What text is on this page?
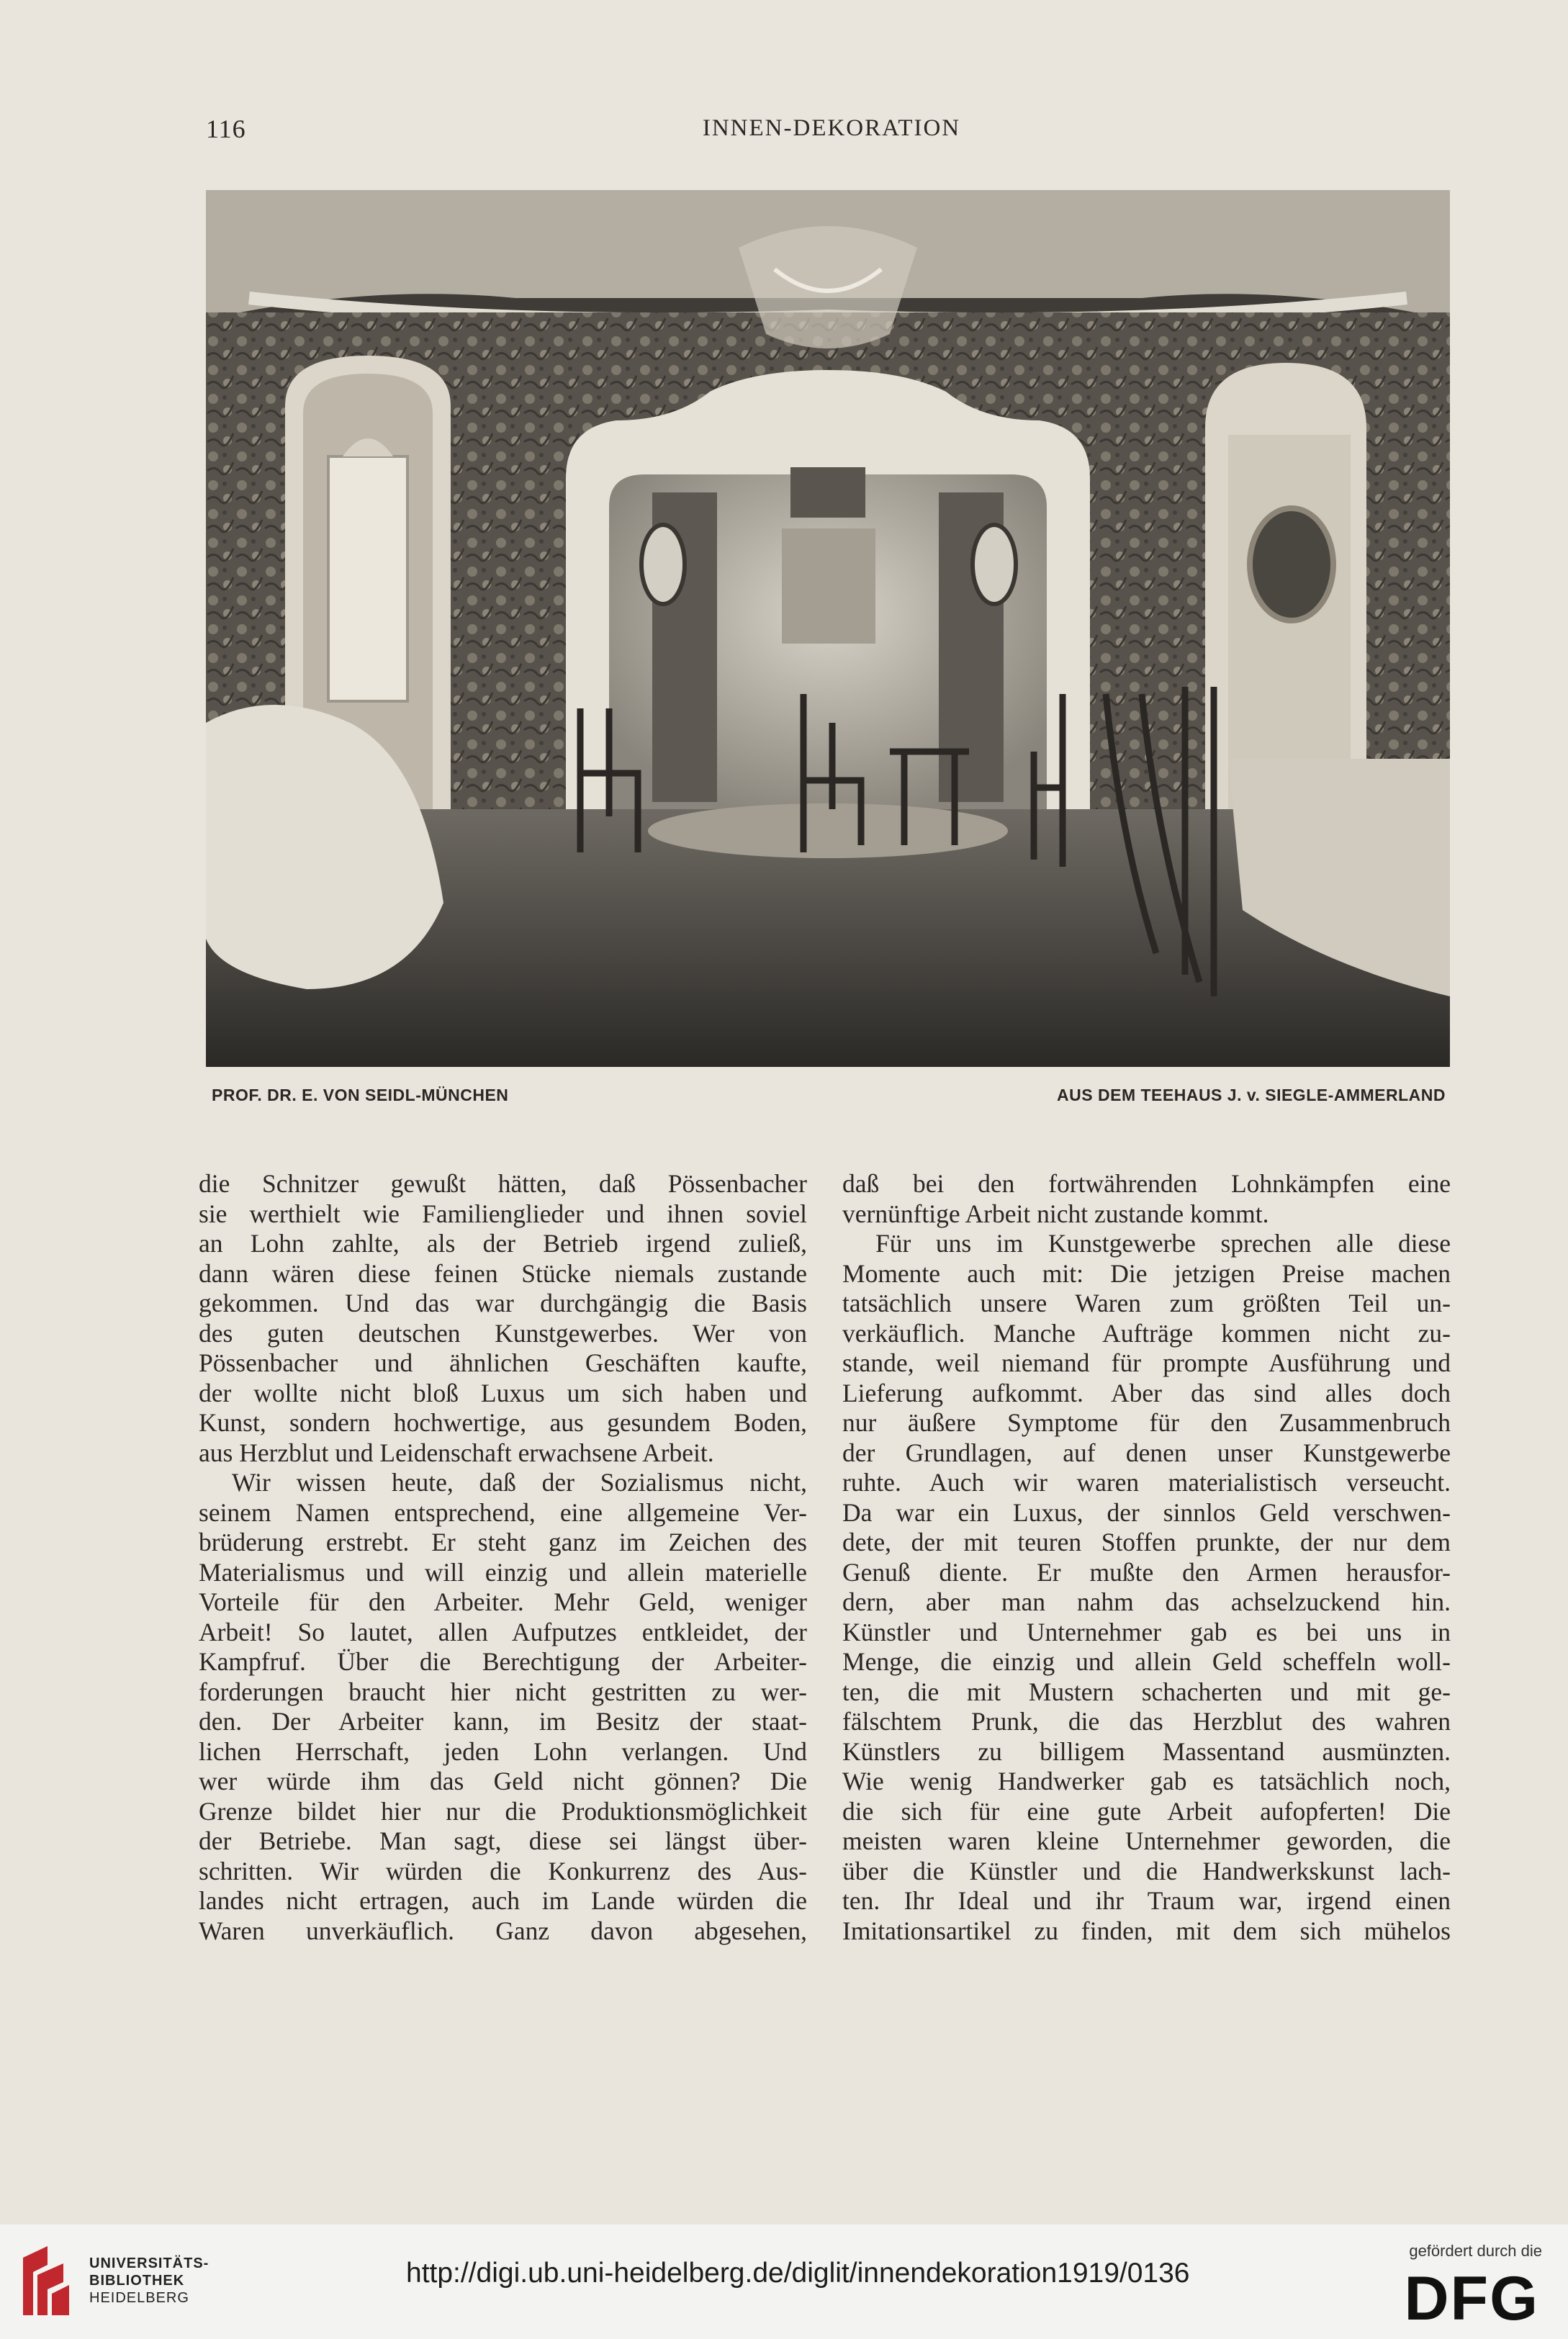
116	INNEN-DEKORATION
PROF. DR. E. VON SEIDL-MÜNCHEN	AUS DEM TEEHAUS J. v. SIEGLE-AMMERLAND
die Schnitzer gewußt hätten, daß Pössenbacher
sie werthielt wie Familienglieder und ihnen soviel
an Lohn zahlte, als der Betrieb irgend zuließ,
dann wären diese feinen Stücke niemals zustande
gekommen. Und das war durchgängig die Basis
des guten deutschen Kunstgewerbes. Wer von
Pössenbacher und ähnlichen Geschäften kaufte,
der wollte nicht bloß Luxus um sich haben und
Kunst, sondern hochwertige, aus gesundem Boden,
aus Herzblut und Leidenschaft erwachsene Arbeit.
Wir wissen heute, daß der Sozialismus nicht,
seinem Namen entsprechend, eine allgemeine Ver-
brüderung erstrebt. Er steht ganz im Zeichen des
Materialismus und will einzig und allein materielle
Vorteile für den Arbeiter. Mehr Geld, weniger
Arbeit! So lautet, allen Aufputzes entkleidet, der
Kampfruf. Über die Berechtigung der Arbeiter-
forderungen braucht hier nicht gestritten zu wer-
den. Der Arbeiter kann, im Besitz der staat-
lichen Herrschaft, jeden Lohn verlangen. Und
wer würde ihm das Geld nicht gönnen? Die
Grenze bildet hier nur die Produktionsmöglichkeit
der Betriebe. Man sagt, diese sei längst über-
schritten. Wir würden die Konkurrenz des Aus-
landes nicht ertragen, auch im Lande würden die
Waren unverkäuflich. Ganz davon abgesehen,
daß bei den fortwährenden Lohnkämpfen eine
vernünftige Arbeit nicht zustande kommt.
Für uns im Kunstgewerbe sprechen alle diese
Momente auch mit: Die jetzigen Preise machen
tatsächlich unsere Waren zum größten Teil un-
verkäuflich. Manche Aufträge kommen nicht zu-
stande, weil niemand für prompte Ausführung und
Lieferung aufkommt. Aber das sind alles doch
nur äußere Symptome für den Zusammenbruch
der Grundlagen, auf denen unser Kunstgewerbe
ruhte. Auch wir waren materialistisch verseucht.
Da war ein Luxus, der sinnlos Geld verschwen-
dete, der mit teuren Stoffen prunkte, der nur dem
Genuß diente. Er mußte den Armen herausfor-
dern, aber man nahm das achselzuckend hin.
Künstler und Unternehmer gab es bei uns in
Menge, die einzig und allein Geld scheffeln woll-
ten, die mit Mustern schacherten und mit ge-
fälschtem Prunk, die das Herzblut des wahren
Künstlers zu billigem Massentand ausmünzten.
Wie wenig Handwerker gab es tatsächlich noch,
die sich für eine gute Arbeit aufopferten! Die
meisten waren kleine Unternehmer geworden, die
über die Künstler und die Handwerkskunst lach-
ten. Ihr Ideal und ihr Traum war, irgend einen
Imitationsartikel zu finden, mit dem sich mühelos
UNIVERSITÄTS-
BIBLIOTHEK
HEIDELBERG
http://digi.ub.uni-heidelberg.de/diglit/innendekoration1919/0136
gefördert durch die
DFG
